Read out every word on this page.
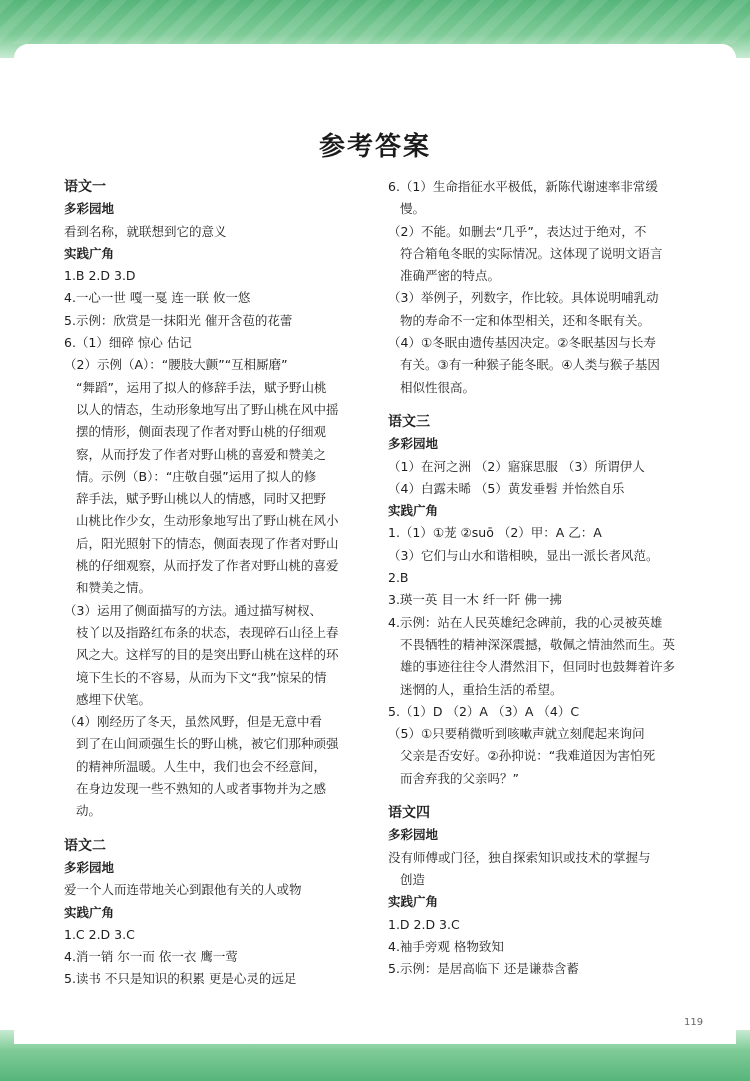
参考答案
语文一
多彩园地
看到名称，就联想到它的意义
实践广角
1.B 2.D 3.D
4.一心一世 嘎一戛 连一联 攸一悠
5.示例：欣赏是一抹阳光 催开含苞的花蕾
6.（1）细碎 惊心 估记
（2）示例（A）：“腰肢大颤”“互相厮磨”
“舞蹈”，运用了拟人的修辞手法，赋予野山桃
以人的情态，生动形象地写出了野山桃在风中摇
摆的情形，侧面表现了作者对野山桃的仔细观
察，从而抒发了作者对野山桃的喜爱和赞美之
情。示例（B）：“庄敬自强”运用了拟人的修
辞手法，赋予野山桃以人的情感，同时又把野
山桃比作少女，生动形象地写出了野山桃在风小
后，阳光照射下的情态，侧面表现了作者对野山
桃的仔细观察，从而抒发了作者对野山桃的喜爱
和赞美之情。
（3）运用了侧面描写的方法。通过描写树杈、
枝丫以及指路红布条的状态，表现碎石山径上春
风之大。这样写的目的是突出野山桃在这样的环
境下生长的不容易，从而为下文“我”惊呆的情
感埋下伏笔。
（4）刚经历了冬天，虽然风野，但是无意中看
到了在山间顽强生长的野山桃，被它们那种顽强
的精神所温暖。人生中，我们也会不经意间，
在身边发现一些不熟知的人或者事物并为之感
动。
语文二
多彩园地
爱一个人而连带地关心到跟他有关的人或物
实践广角
1.C 2.D 3.C
4.消一销 尔一而 依一衣 鹰一莺
5.读书 不只是知识的积累 更是心灵的远足
6.（1）生命指征水平极低，新陈代谢速率非常缓
慢。
（2）不能。如删去“几乎”，表达过于绝对，不
符合箱龟冬眠的实际情况。这体现了说明文语言
准确严密的特点。
（3）举例子，列数字，作比较。具体说明哺乳动
物的寿命不一定和体型相关，还和冬眠有关。
（4）①冬眠由遗传基因决定。②冬眠基因与长寿
有关。③有一种猴子能冬眠。④人类与猴子基因
相似性很高。
语文三
多彩园地
（1）在河之洲 （2）寤寐思服 （3）所谓伊人
（4）白露未晞 （5）黄发垂髫 并怡然自乐
实践广角
1.（1）①茏 ②suō （2）甲：A 乙：A
（3）它们与山水和谐相映，显出一派长者风范。
2.B
3.瑛一英 目一木 纤一阡 佛一拂
4.示例：站在人民英雄纪念碑前，我的心灵被英雄
不畏牺牲的精神深深震撼，敬佩之情油然而生。英
雄的事迹往往令人潸然泪下，但同时也鼓舞着许多
迷惘的人，重拾生活的希望。
5.（1）D （2）A （3）A （4）C
（5）①只要稍微听到咳嗽声就立刻爬起来询问
父亲是否安好。②孙抑说：“我难道因为害怕死
而舍弃我的父亲吗？”
语文四
多彩园地
没有师傅或门径，独自探索知识或技术的掌握与
创造
实践广角
1.D 2.D 3.C
4.袖手旁观 格物致知
5.示例：是居高临下 还是谦恭含蓄
119
